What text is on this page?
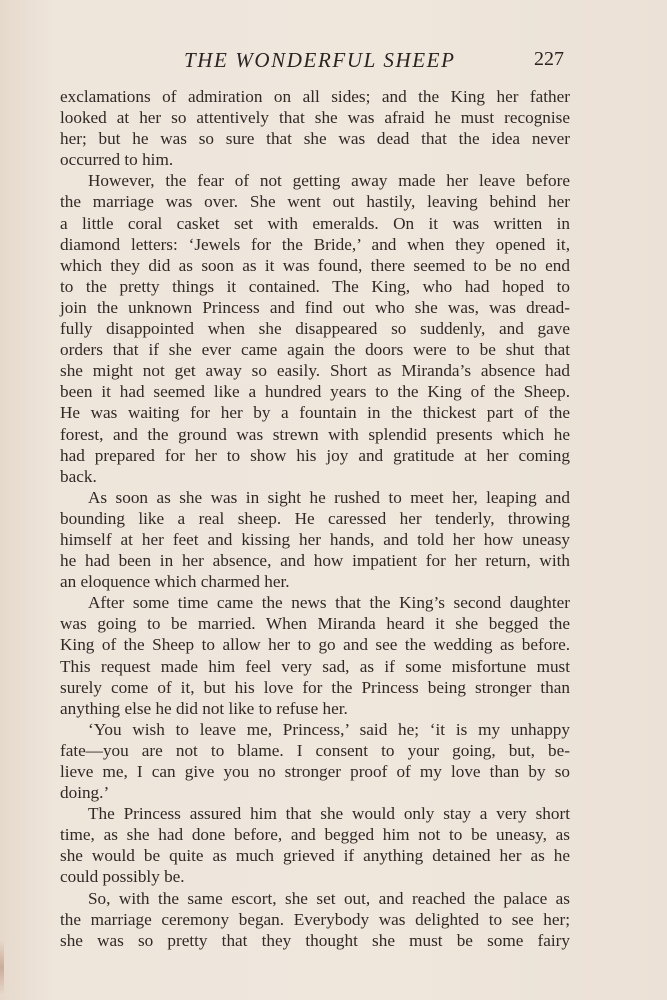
THE WONDERFUL SHEEP	227
exclamations of admiration on all sides; and the King her father
looked at her so attentively that she was afraid he must recognise
her; but he was so sure that she was dead that the idea never
occurred to him.
However, the fear of not getting away made her leave before
the marriage was over. She went out hastily, leaving behind her
a little coral casket set with emeralds. On it was written in
diamond letters: ‘Jewels for the Bride,’ and when they opened it,
which they did as soon as it was found, there seemed to be no end
to the pretty things it contained. The King, who had hoped to
join the unknown Princess and find out who she was, was dread-
fully disappointed when she disappeared so suddenly, and gave
orders that if she ever came again the doors were to be shut that
she might not get away so easily. Short as Miranda’s absence had
been it had seemed like a hundred years to the King of the Sheep.
He was waiting for her by a fountain in the thickest part of the
forest, and the ground was strewn with splendid presents which he
had prepared for her to show his joy and gratitude at her coming
back.
As soon as she was in sight he rushed to meet her, leaping and
bounding like a real sheep. He caressed her tenderly, throwing
himself at her feet and kissing her hands, and told her how uneasy
he had been in her absence, and how impatient for her return, with
an eloquence which charmed her.
After some time came the news that the King’s second daughter
was going to be married. When Miranda heard it she begged the
King of the Sheep to allow her to go and see the wedding as before.
This request made him feel very sad, as if some misfortune must
surely come of it, but his love for the Princess being stronger than
anything else he did not like to refuse her.
‘You wish to leave me, Princess,’ said he; ‘it is my unhappy
fate—you are not to blame. I consent to your going, but, be-
lieve me, I can give you no stronger proof of my love than by so
doing.’
The Princess assured him that she would only stay a very short
time, as she had done before, and begged him not to be uneasy, as
she would be quite as much grieved if anything detained her as he
could possibly be.
So, with the same escort, she set out, and reached the palace as
the marriage ceremony began. Everybody was delighted to see her;
she was so pretty that they thought she must be some fairy
